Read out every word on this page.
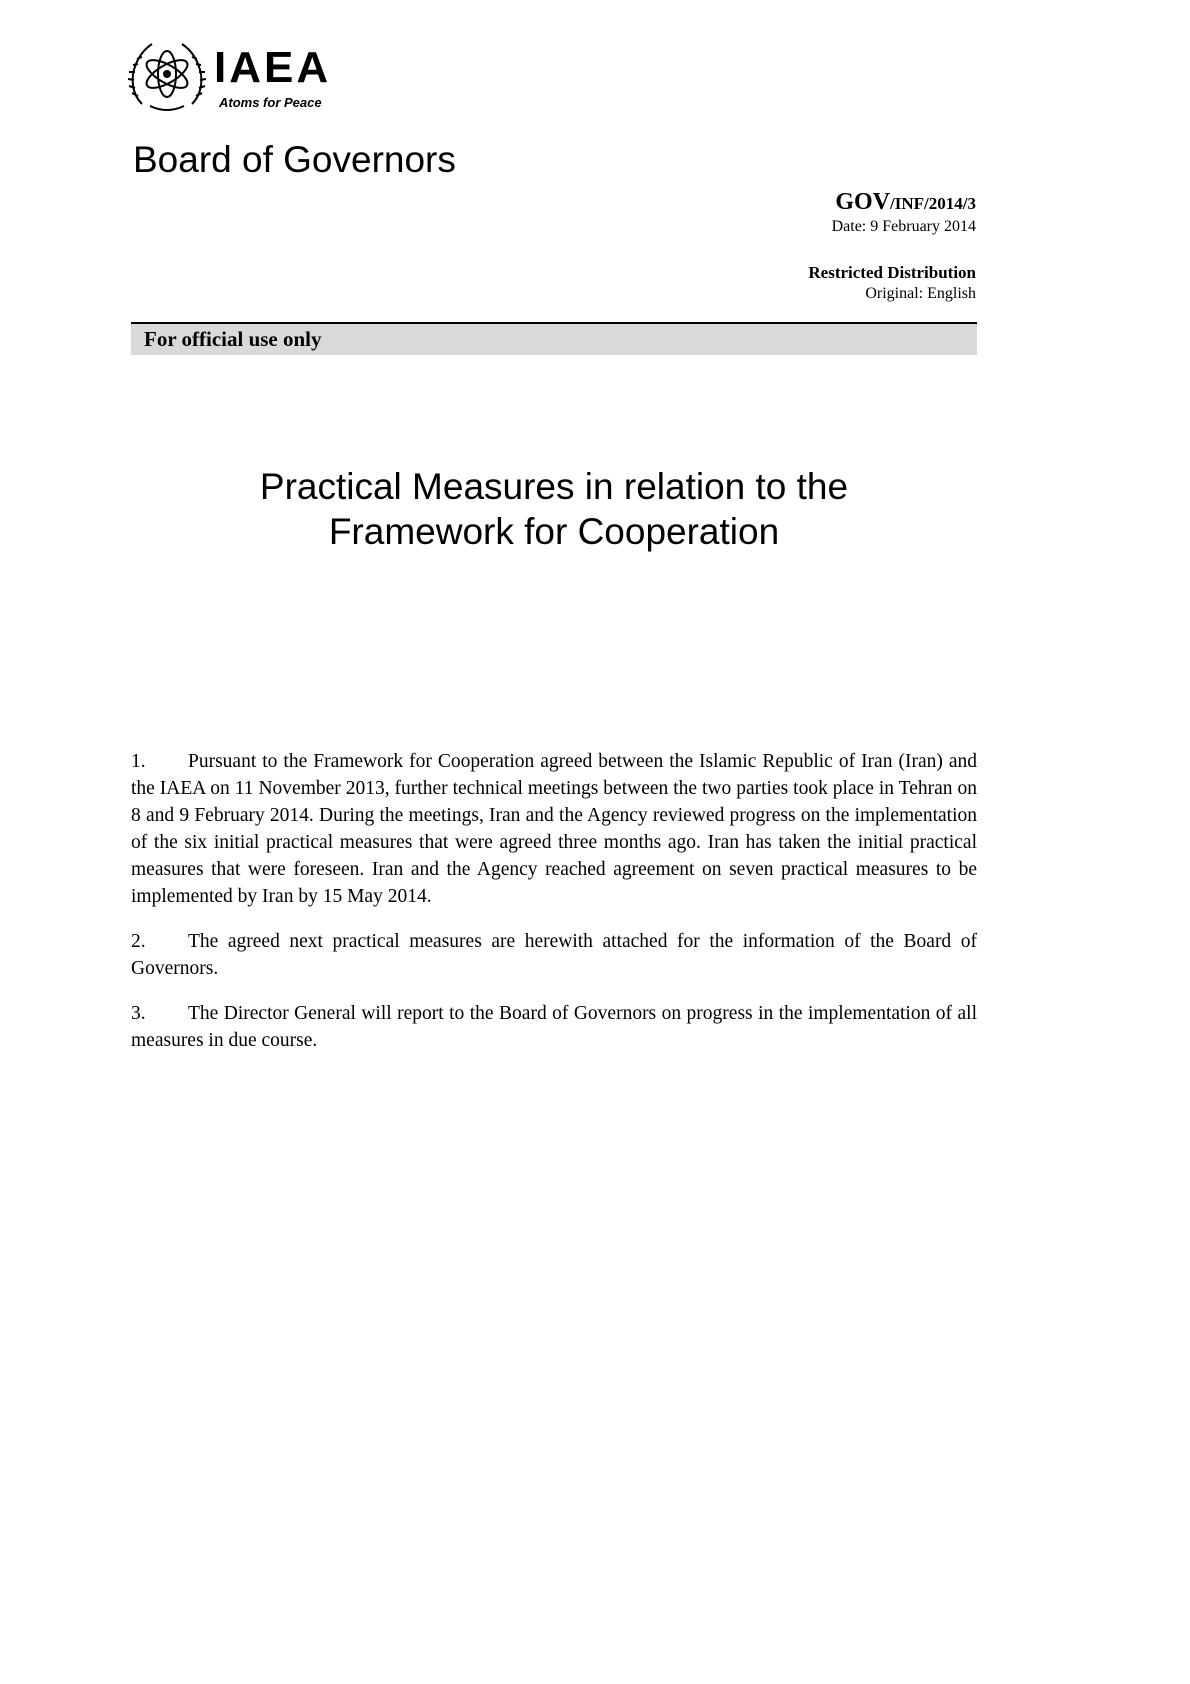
IAEA
Atoms for Peace
Board of Governors
GOV/INF/2014/3
Date: 9 February 2014
Restricted Distribution
Original: English
For official use only
Practical Measures in relation to the
Framework for Cooperation

1. Pursuant to the Framework for Cooperation agreed between the Islamic Republic of Iran (Iran) and the IAEA on 11 November 2013, further technical meetings between the two parties took place in Tehran on 8 and 9 February 2014. During the meetings, Iran and the Agency reviewed progress on the implementation of the six initial practical measures that were agreed three months ago. Iran has taken the initial practical measures that were foreseen. Iran and the Agency reached agreement on seven practical measures to be implemented by Iran by 15 May 2014.

2. The agreed next practical measures are herewith attached for the information of the Board of Governors.

3. The Director General will report to the Board of Governors on progress in the implementation of all measures in due course.
